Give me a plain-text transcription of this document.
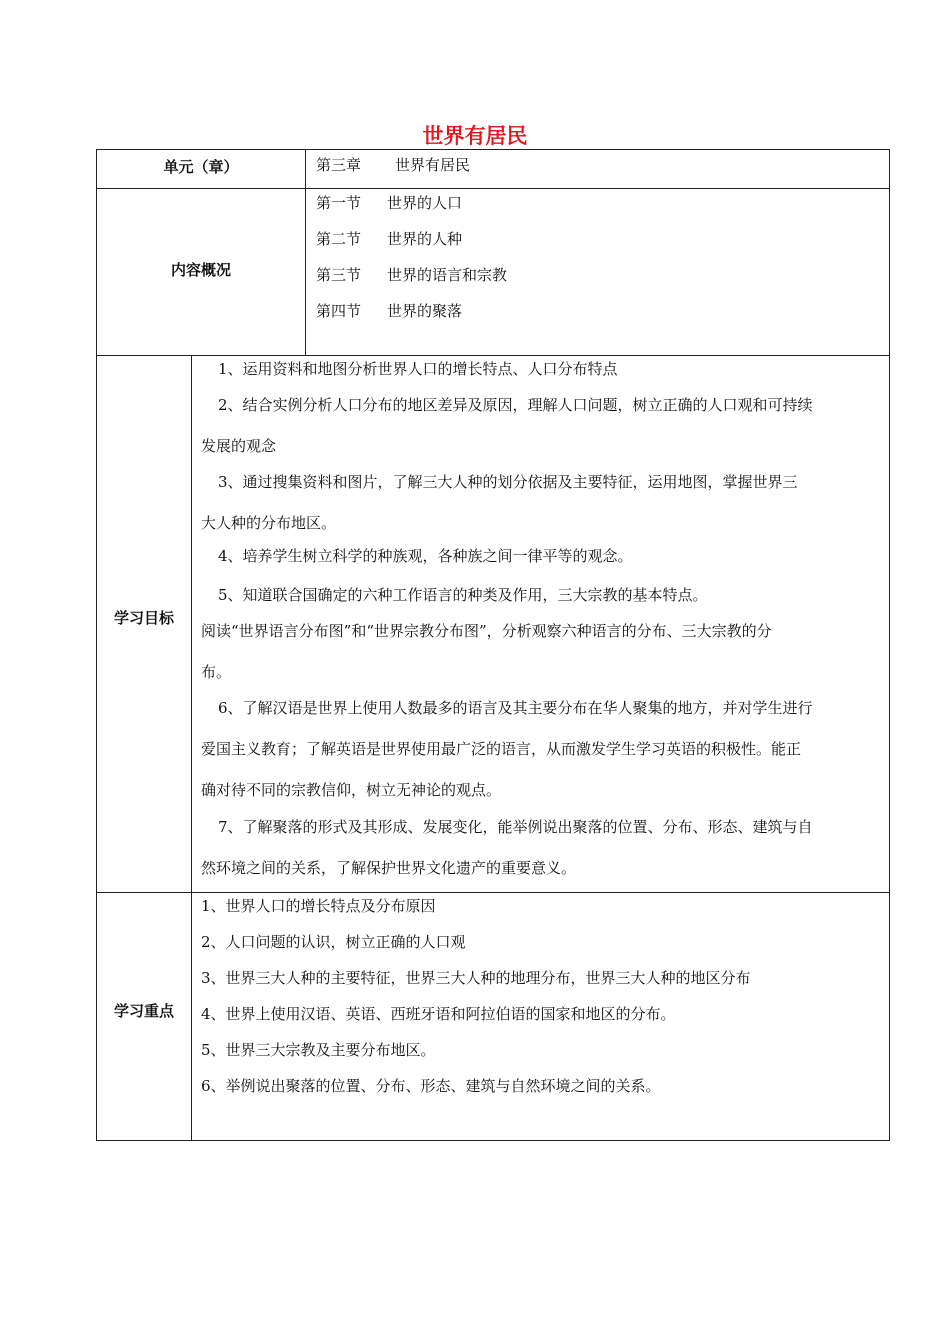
世界有居民
单元（章）	第三章 世界有居民
内容概况
第一节 世界的人口
第二节 世界的人种
第三节 世界的语言和宗教
第四节 世界的聚落
学习目标
1、运用资料和地图分析世界人口的增长特点、人口分布特点
2、结合实例分析人口分布的地区差异及原因，理解人口问题，树立正确的人口观和可持续
发展的观念
3、通过搜集资料和图片，了解三大人种的划分依据及主要特征，运用地图，掌握世界三
大人种的分布地区。
4、培养学生树立科学的种族观，各种族之间一律平等的观念。
5、知道联合国确定的六种工作语言的种类及作用，三大宗教的基本特点。
阅读“世界语言分布图”和“世界宗教分布图”，分析观察六种语言的分布、三大宗教的分
布。
6、了解汉语是世界上使用人数最多的语言及其主要分布在华人聚集的地方，并对学生进行
爱国主义教育；了解英语是世界使用最广泛的语言，从而激发学生学习英语的积极性。能正
确对待不同的宗教信仰，树立无神论的观点。
7、了解聚落的形式及其形成、发展变化，能举例说出聚落的位置、分布、形态、建筑与自
然环境之间的关系，了解保护世界文化遗产的重要意义。
学习重点
1、世界人口的增长特点及分布原因
2、人口问题的认识，树立正确的人口观
3、世界三大人种的主要特征，世界三大人种的地理分布，世界三大人种的地区分布
4、世界上使用汉语、英语、西班牙语和阿拉伯语的国家和地区的分布。
5、世界三大宗教及主要分布地区。
6、举例说出聚落的位置、分布、形态、建筑与自然环境之间的关系。
